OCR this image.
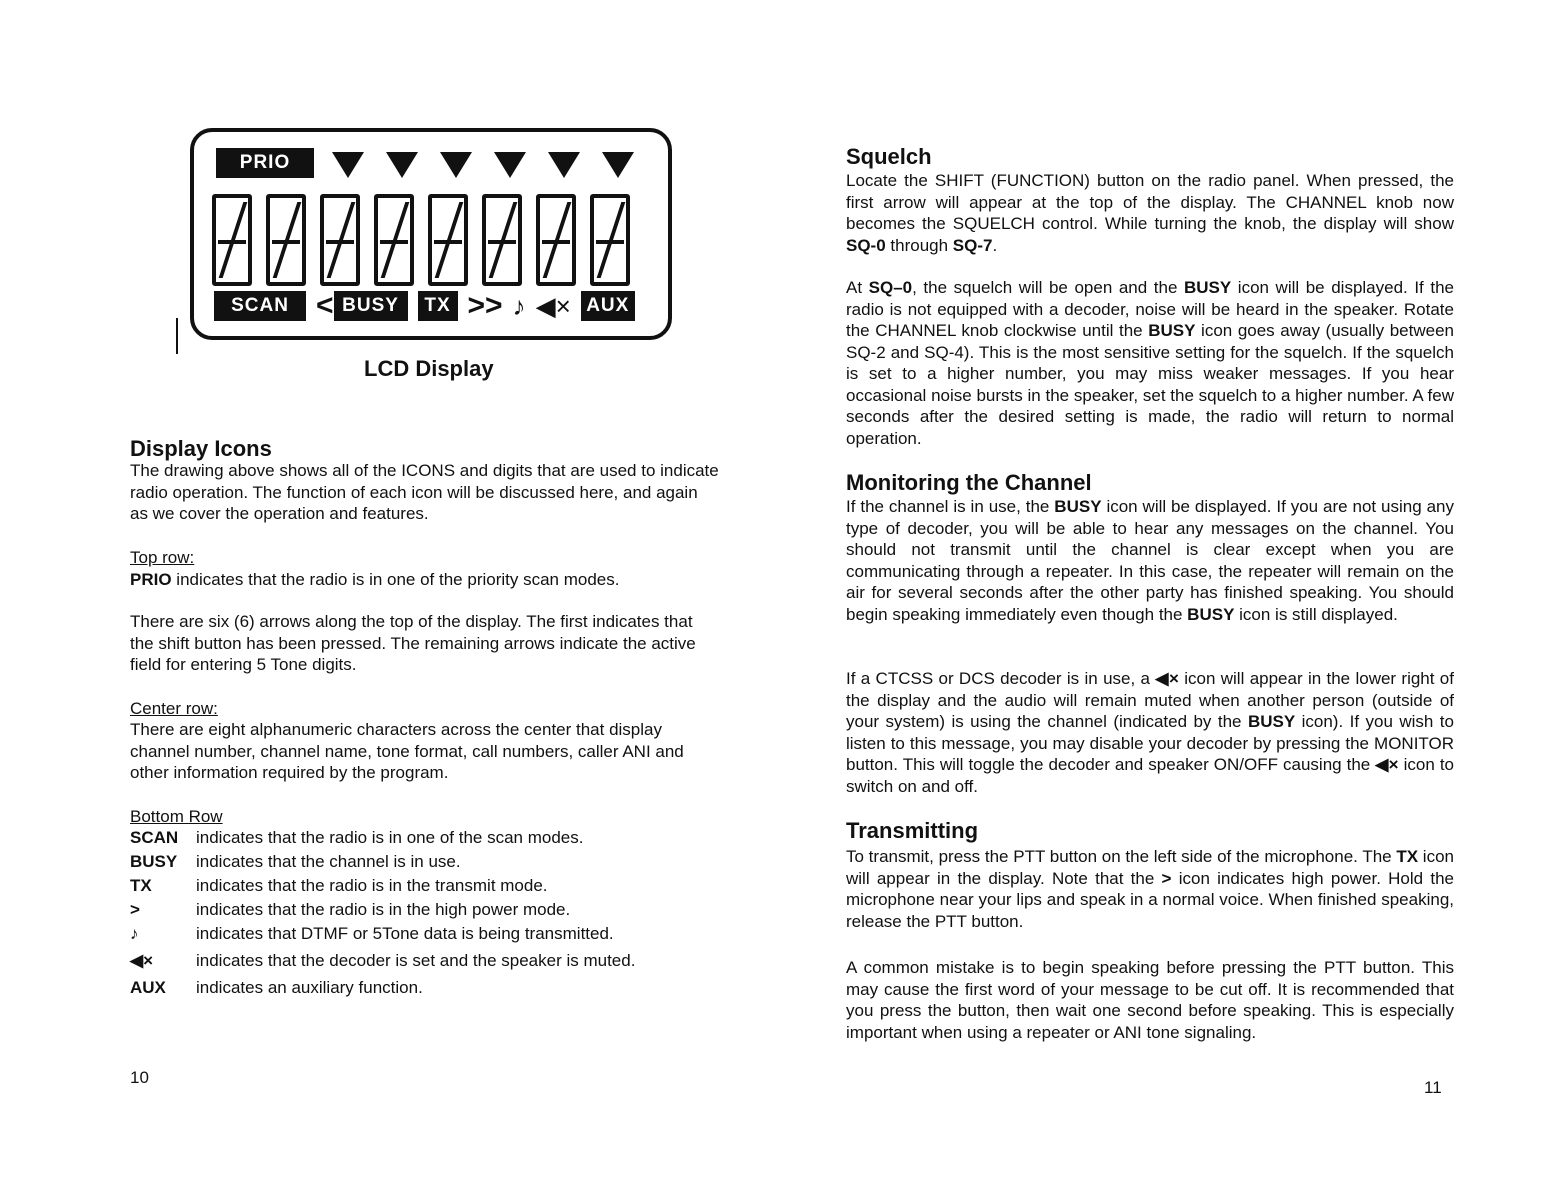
PRIO
SCAN < BUSY	TX >> ♪ ◀× AUX
LCD Display
Display Icons

The drawing above shows all of the ICONS and digits that are used to indicate radio operation. The function of each icon will be discussed here, and again as we cover the operation and features.

Top row:

PRIO indicates that the radio is in one of the priority scan modes.

There are six (6) arrows along the top of the display. The first indicates that the shift button has been pressed. The remaining arrows indicate the active field for entering 5 Tone digits.

Center row:

There are eight alphanumeric characters across the center that display channel number, channel name, tone format, call numbers, caller ANI and other information required by the program.

Bottom Row

SCAN	indicates that the radio is in one of the scan modes.
BUSY	indicates that the channel is in use.
TX	indicates that the radio is in the transmit mode.
>	indicates that the radio is in the high power mode.
♪	indicates that DTMF or 5Tone data is being transmitted.
◀×	indicates that the decoder is set and the speaker is muted.
AUX	indicates an auxiliary function.
10
Squelch

Locate the SHIFT (FUNCTION) button on the radio panel. When pressed, the first arrow will appear at the top of the display. The CHANNEL knob now becomes the SQUELCH control. While turning the knob, the display will show SQ-0 through SQ-7.

At SQ–0, the squelch will be open and the BUSY icon will be displayed. If the radio is not equipped with a decoder, noise will be heard in the speaker. Rotate the CHANNEL knob clockwise until the BUSY icon goes away (usually between SQ-2 and SQ-4). This is the most sensitive setting for the squelch. If the squelch is set to a higher number, you may miss weaker messages. If you hear occasional noise bursts in the speaker, set the squelch to a higher number. A few seconds after the desired setting is made, the radio will return to normal operation.

Monitoring the Channel

If the channel is in use, the BUSY icon will be displayed. If you are not using any type of decoder, you will be able to hear any messages on the channel. You should not transmit until the channel is clear except when you are communicating through a repeater. In this case, the repeater will remain on the air for several seconds after the other party has finished speaking. You should begin speaking immediately even though the BUSY icon is still displayed.

If a CTCSS or DCS decoder is in use, a ◀× icon will appear in the lower right of the display and the audio will remain muted when another person (outside of your system) is using the channel (indicated by the BUSY icon). If you wish to listen to this message, you may disable your decoder by pressing the MONITOR button. This will toggle the decoder and speaker ON/OFF causing the ◀× icon to switch on and off.

Transmitting

To transmit, press the PTT button on the left side of the microphone. The TX icon will appear in the display. Note that the > icon indicates high power. Hold the microphone near your lips and speak in a normal voice. When finished speaking, release the PTT button.

A common mistake is to begin speaking before pressing the PTT button. This may cause the first word of your message to be cut off. It is recommended that you press the button, then wait one second before speaking. This is especially important when using a repeater or ANI tone signaling.

11
